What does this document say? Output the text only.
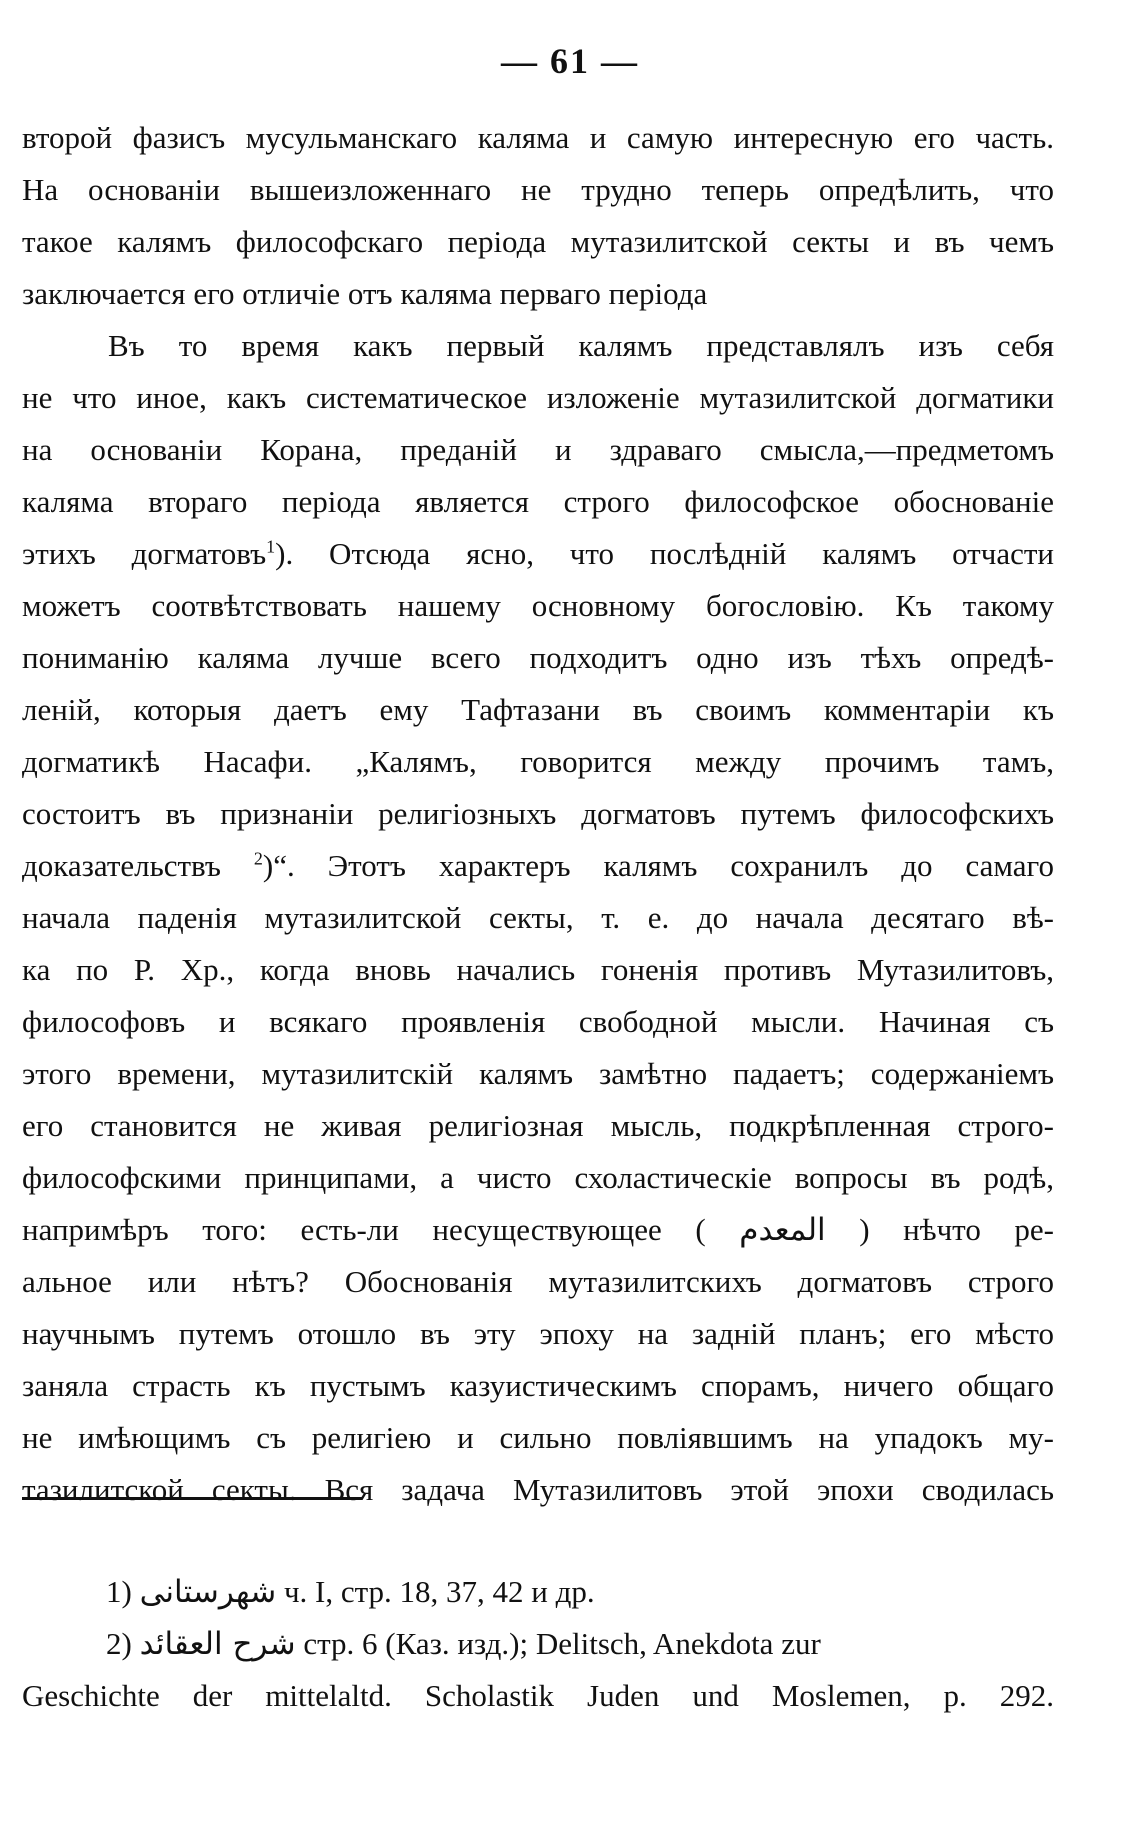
— 61 —
второй фазисъ мусульманскаго каляма и самую интересную его часть.
На основаніи вышеизложеннаго не трудно теперь опредѣлить, что
такое калямъ философскаго періода мутазилитской секты и въ чемъ
заключается его отличіе отъ каляма перваго періода
Въ то время какъ первый калямъ представлялъ изъ себя
не что иное, какъ систематическое изложеніе мутазилитской догматики
на основаніи Корана, преданій и здраваго смысла,—предметомъ
каляма втораго періода является строго философское обоснованіе
этихъ догматовъ$^1$). Отсюда ясно, что послѣдній калямъ отчасти
можетъ соотвѣтствовать нашему основному богословію. Къ такому
пониманію каляма лучше всего подходитъ одно изъ тѣхъ опредѣ-
леній, которыя даетъ ему Тафтазани въ своимъ комментаріи къ
догматикѣ Насафи. „Калямъ, говорится между прочимъ тамъ,
состоитъ въ признаніи религіозныхъ догматовъ путемъ философскихъ
доказательствъ $^2$)“. Этотъ характеръ калямъ сохранилъ до самаго
начала паденія мутазилитской секты, т. е. до начала десятаго вѣ-
ка по Р. Хр., когда вновь начались гоненія противъ Мутазилитовъ,
философовъ и всякаго проявленія свободной мысли. Начиная съ
этого времени, мутазилитскій калямъ замѣтно падаетъ; содержаніемъ
его становится не живая религіозная мысль, подкрѣпленная строго-
философскими принципами, а чисто схоластическіе вопросы въ родѣ,
напримѣръ того: есть-ли несуществующее ( المعدم ) нѣчто ре-
альное или нѣтъ? Обоснованія мутазилитскихъ догматовъ строго
научнымъ путемъ отошло въ эту эпоху на задній планъ; его мѣсто
заняла страсть къ пустымъ казуистическимъ спорамъ, ничего общаго
не имѣющимъ съ религіею и сильно повліявшимъ на упадокъ му-
тазилитской секты. Вся задача Мутазилитовъ этой эпохи сводилась
1) شهرستانى ч. I, стр. 18, 37, 42 и др.
2) شرح العقائد стр. 6 (Каз. изд.); Delitsch, Anekdota zur
Geschichte der mittelaltd. Scholastik Juden und Moslemen, p. 292.
